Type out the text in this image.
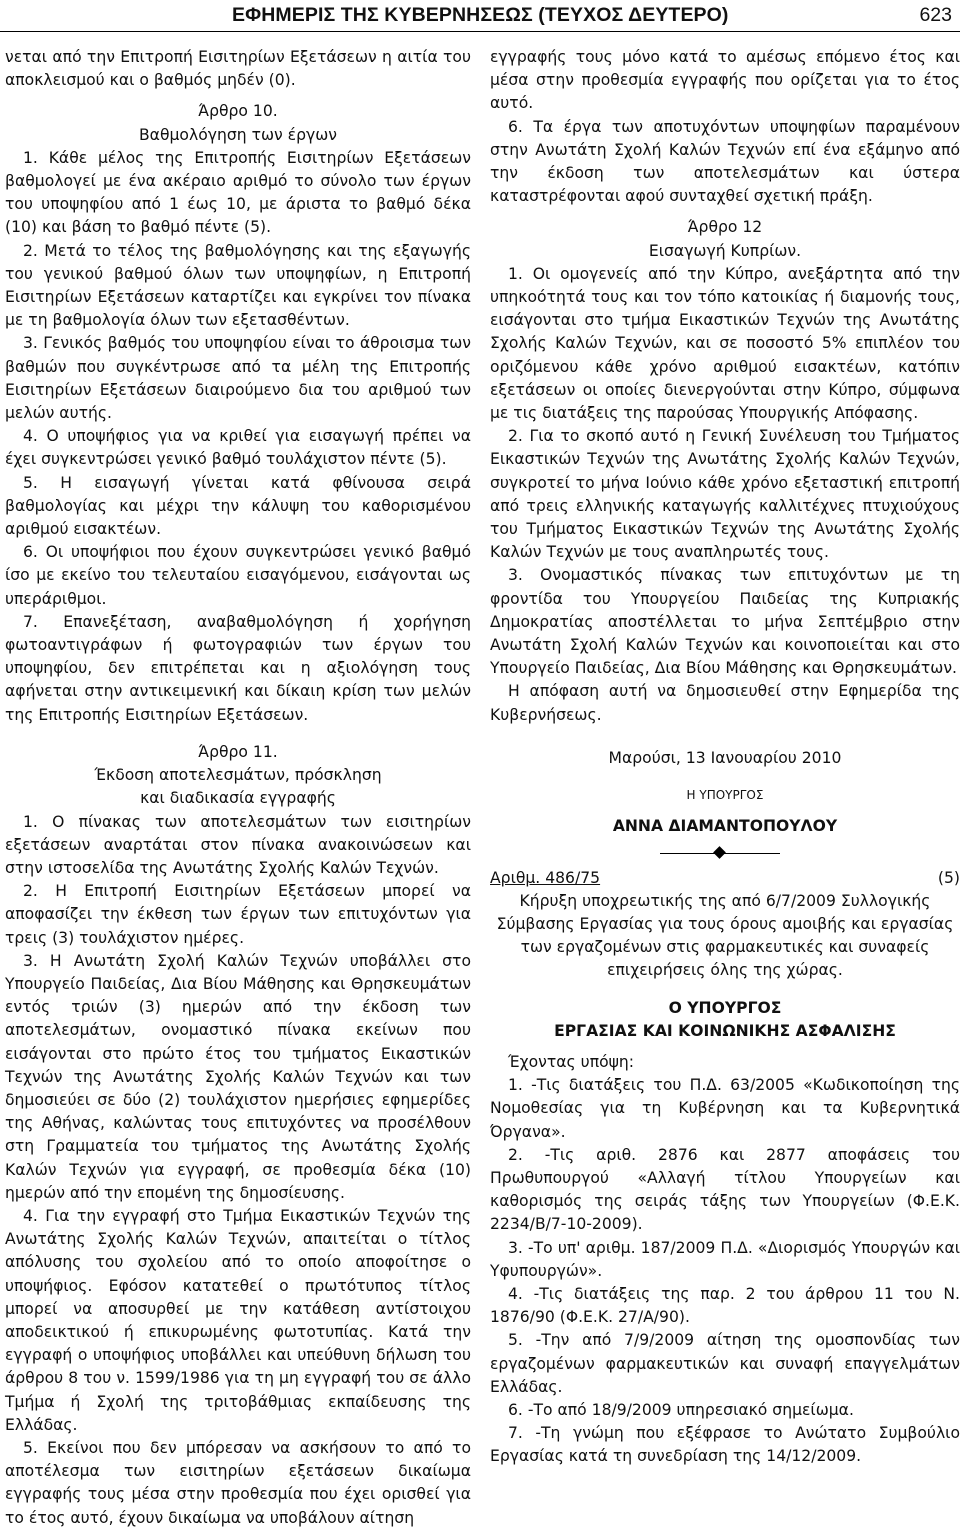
ΕΦΗΜΕΡΙΣ ΤΗΣ ΚΥΒΕΡΝΗΣΕΩΣ (ΤΕΥΧΟΣ ΔΕΥΤΕΡΟ)	623

νεται από την Επιτροπή Εισιτηρίων Εξετάσεων η αιτία του αποκλεισμού και ο βαθμός μηδέν (0).

Άρθρο 10.
Βαθμολόγηση των έργων

1. Κάθε μέλος της Επιτροπής Εισιτηρίων Εξετάσεων βαθμολογεί με ένα ακέραιο αριθμό το σύνολο των έργων του υποψηφίου από 1 έως 10, με άριστα το βαθμό δέκα (10) και βάση το βαθμό πέντε (5).

2. Μετά το τέλος της βαθμολόγησης και της εξαγωγής του γενικού βαθμού όλων των υποψηφίων, η Επιτροπή Εισιτηρίων Εξετάσεων καταρτίζει και εγκρίνει τον πίνακα με τη βαθμολογία όλων των εξετασθέντων.

3. Γενικός βαθμός του υποψηφίου είναι το άθροισμα των βαθμών που συγκέντρωσε από τα μέλη της Επιτροπής Εισιτηρίων Εξετάσεων διαιρούμενο δια του αριθμού των μελών αυτής.

4. Ο υποψήφιος για να κριθεί για εισαγωγή πρέπει να έχει συγκεντρώσει γενικό βαθμό τουλάχιστον πέντε (5).

5. Η εισαγωγή γίνεται κατά φθίνουσα σειρά βαθμολογίας και μέχρι την κάλυψη του καθορισμένου αριθμού εισακτέων.

6. Οι υποψήφιοι που έχουν συγκεντρώσει γενικό βαθμό ίσο με εκείνο του τελευταίου εισαγόμενου, εισάγονται ως υπεράριθμοι.

7. Επανεξέταση, αναβαθμολόγηση ή χορήγηση φωτοαντιγράφων ή φωτογραφιών των έργων του υποψηφίου, δεν επιτρέπεται και η αξιολόγηση τους αφήνεται στην αντικειμενική και δίκαιη κρίση των μελών της Επιτροπής Εισιτηρίων Εξετάσεων.

Άρθρο 11.
Έκδοση αποτελεσμάτων, πρόσκληση
και διαδικασία εγγραφής

1. Ο πίνακας των αποτελεσμάτων των εισιτηρίων εξετάσεων αναρτάται στον πίνακα ανακοινώσεων και στην ιστοσελίδα της Ανωτάτης Σχολής Καλών Τεχνών.

2. Η Επιτροπή Εισιτηρίων Εξετάσεων μπορεί να αποφασίζει την έκθεση των έργων των επιτυχόντων για τρεις (3) τουλάχιστον ημέρες.

3. Η Ανωτάτη Σχολή Καλών Τεχνών υποβάλλει στο Υπουργείο Παιδείας, Δια Βίου Μάθησης και Θρησκευμάτων εντός τριών (3) ημερών από την έκδοση των αποτελεσμάτων, ονομαστικό πίνακα εκείνων που εισάγονται στο πρώτο έτος του τμήματος Εικαστικών Τεχνών της Ανωτάτης Σχολής Καλών Τεχνών και των δημοσιεύει σε δύο (2) τουλάχιστον ημερήσιες εφημερίδες της Αθήνας, καλώντας τους επιτυχόντες να προσέλθουν στη Γραμματεία του τμήματος της Ανωτάτης Σχολής Καλών Τεχνών για εγγραφή, σε προθεσμία δέκα (10) ημερών από την επομένη της δημοσίευσης.

4. Για την εγγραφή στο Τμήμα Εικαστικών Τεχνών της Ανωτάτης Σχολής Καλών Τεχνών, απαιτείται ο τίτλος απόλυσης του σχολείου από το οποίο αποφοίτησε ο υποψήφιος. Εφόσον κατατεθεί ο πρωτότυπος τίτλος μπορεί να αποσυρθεί με την κατάθεση αντίστοιχου αποδεικτικού ή επικυρωμένης φωτοτυπίας. Κατά την εγγραφή ο υποψήφιος υποβάλλει και υπεύθυνη δήλωση του άρθρου 8 του ν. 1599/1986 για τη μη εγγραφή του σε άλλο Τμήμα ή Σχολή της τριτοβάθμιας εκπαίδευσης της Ελλάδας.

5. Εκείνοι που δεν μπόρεσαν να ασκήσουν το από το αποτέλεσμα των εισιτηρίων εξετάσεων δικαίωμα εγγραφής τους μέσα στην προθεσμία που έχει ορισθεί για το έτος αυτό, έχουν δικαίωμα να υποβάλουν αίτηση

εγγραφής τους μόνο κατά το αμέσως επόμενο έτος και μέσα στην προθεσμία εγγραφής που ορίζεται για το έτος αυτό.

6. Τα έργα των αποτυχόντων υποψηφίων παραμένουν στην Ανωτάτη Σχολή Καλών Τεχνών επί ένα εξάμηνο από την έκδοση των αποτελεσμάτων και ύστερα καταστρέφονται αφού συνταχθεί σχετική πράξη.

Άρθρο 12
Εισαγωγή Κυπρίων.

1. Οι ομογενείς από την Κύπρο, ανεξάρτητα από την υπηκοότητά τους και τον τόπο κατοικίας ή διαμονής τους, εισάγονται στο τμήμα Εικαστικών Τεχνών της Ανωτάτης Σχολής Καλών Τεχνών, και σε ποσοστό 5% επιπλέον του οριζόμενου κάθε χρόνο αριθμού εισακτέων, κατόπιν εξετάσεων οι οποίες διενεργούνται στην Κύπρο, σύμφωνα με τις διατάξεις της παρούσας Υπουργικής Απόφασης.

2. Για το σκοπό αυτό η Γενική Συνέλευση του Τμήματος Εικαστικών Τεχνών της Ανωτάτης Σχολής Καλών Τεχνών, συγκροτεί το μήνα Ιούνιο κάθε χρόνο εξεταστική επιτροπή από τρεις ελληνικής καταγωγής καλλιτέχνες πτυχιούχους του Τμήματος Εικαστικών Τεχνών της Ανωτάτης Σχολής Καλών Τεχνών με τους αναπληρωτές τους.

3. Ονομαστικός πίνακας των επιτυχόντων με τη φροντίδα του Υπουργείου Παιδείας της Κυπριακής Δημοκρατίας αποστέλλεται το μήνα Σεπτέμβριο στην Ανωτάτη Σχολή Καλών Τεχνών και κοινοποιείται και στο Υπουργείο Παιδείας, Δια Βίου Μάθησης και Θρησκευμάτων.

Η απόφαση αυτή να δημοσιευθεί στην Εφημερίδα της Κυβερνήσεως.

Μαρούσι, 13 Ιανουαρίου 2010
Η ΥΠΟΥΡΓΟΣ
ΑΝΝΑ ΔΙΑΜΑΝΤΟΠΟΥΛΟΥ
Αριθμ. 486/75	(5)
Κήρυξη υποχρεωτικής της από 6/7/2009 Συλλογικής Σύμβασης Εργασίας για τους όρους αμοιβής και εργασίας των εργαζομένων στις φαρμακευτικές και συναφείς επιχειρήσεις όλης της χώρας.
Ο ΥΠΟΥΡΓΟΣ
ΕΡΓΑΣΙΑΣ ΚΑΙ ΚΟΙΝΩΝΙΚΗΣ ΑΣΦΑΛΙΣΗΣ

Έχοντας υπόψη:

1. -Τις διατάξεις του Π.Δ. 63/2005 «Κωδικοποίηση της Νομοθεσίας για τη Κυβέρνηση και τα Κυβερνητικά Όργανα».

2. -Τις αριθ. 2876 και 2877 αποφάσεις του Πρωθυπουργού «Αλλαγή τίτλου Υπουργείων και καθορισμός της σειράς τάξης των Υπουργείων (Φ.Ε.Κ. 2234/Β/7-10-2009).

3. -Το υπ' αριθμ. 187/2009 Π.Δ. «Διορισμός Υπουργών και Υφυπουργών».

4. -Τις διατάξεις της παρ. 2 του άρθρου 11 του Ν. 1876/90 (Φ.Ε.Κ. 27/Α/90).

5. -Την από 7/9/2009 αίτηση της ομοσπονδίας των εργαζομένων φαρμακευτικών και συναφή επαγγελμάτων Ελλάδας.

6. -Το από 18/9/2009 υπηρεσιακό σημείωμα.

7. -Τη γνώμη που εξέφρασε το Ανώτατο Συμβούλιο Εργασίας κατά τη συνεδρίαση της 14/12/2009.
